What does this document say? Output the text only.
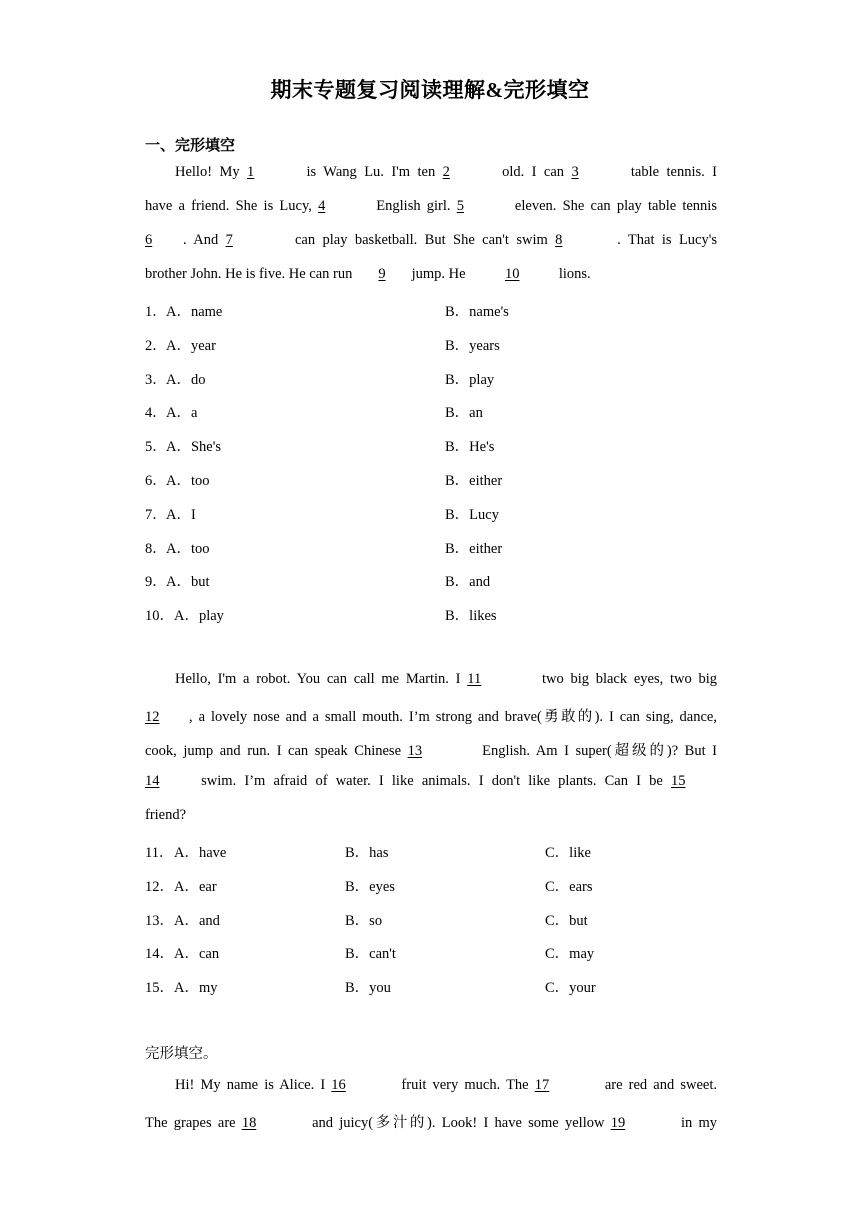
期末专题复习阅读理解&完形填空
一、完形填空
Hello! My 1	is Wang Lu. I'm ten 2	old. I can 3	table tennis. I
have a friend. She is Lucy, 4	English girl. 5	eleven. She can play table tennis
6 . And 7	can play basketball. But She can't swim 8	. That is Lucy's
brother John. He is five. He can run 9 jump. He 10 lions.
1． A．name	B．name's
2． A．year	B．years
3． A．do	B．play
4． A．a	B．an
5． A．She's	B．He's
6． A．too	B．either
7． A．I	B．Lucy
8． A．too	B．either
9． A．but	B．and
10． A．play	B．likes
Hello, I'm a robot. You can call me Martin. I 11	two big black eyes, two big
12 , a lovely nose and a small mouth. I’m strong and brave(勇敢的). I can sing, dance,
cook, jump and run. I can speak Chinese 13	English. Am I super(超级的)? But I
14 swim. I’m afraid of water. I like animals. I don't like plants. Can I be 15
friend?
11． A．have	B．has	C．like
12． A．ear	B．eyes	C．ears
13． A．and	B．so	C．but
14． A．can	B．can't	C．may
15． A．my	B．you	C．your
完形填空。
Hi! My name is Alice. I 16	fruit very much. The 17	are red and sweet.
The grapes are 18	and juicy(多汁的). Look! I have some yellow 19	in my
